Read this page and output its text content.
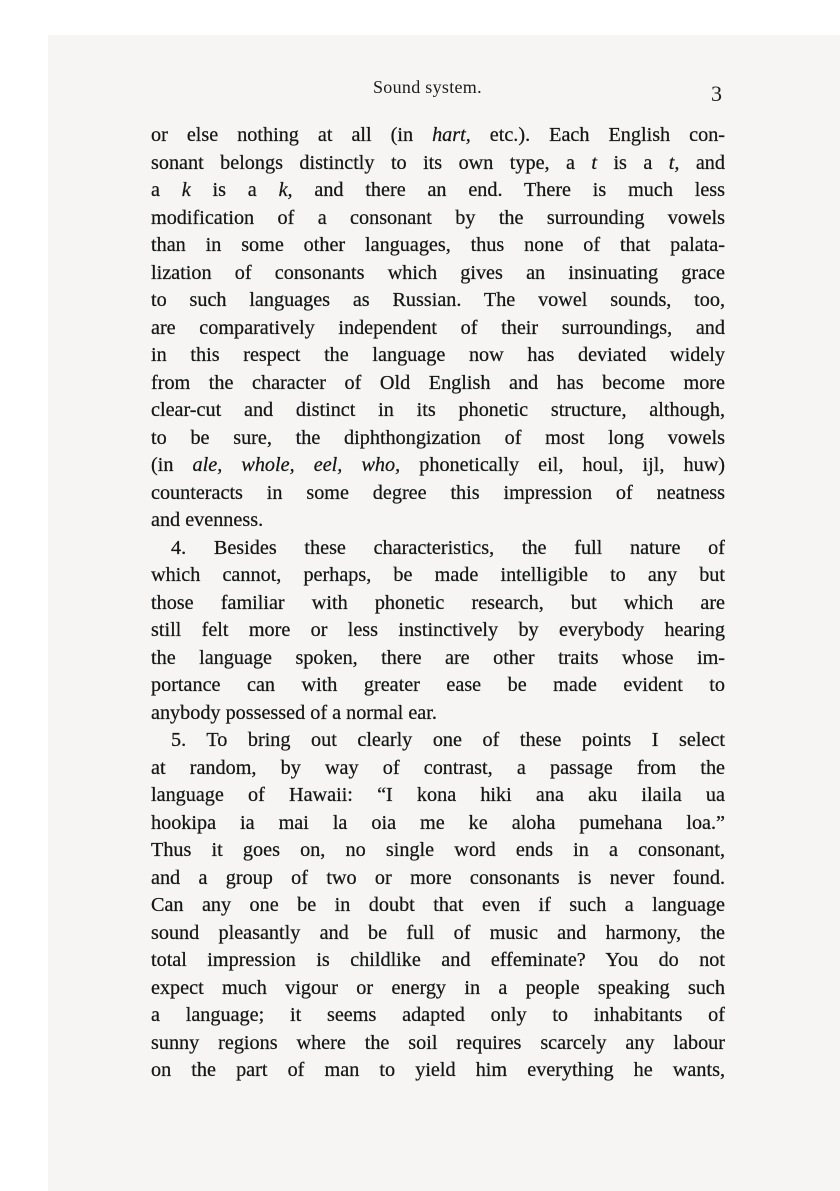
Sound system.	3
or else nothing at all (in hart, etc.). Each English con-
sonant belongs distinctly to its own type, a t is a t, and
a k is a k, and there an end. There is much less
modification of a consonant by the surrounding vowels
than in some other languages, thus none of that palata-
lization of consonants which gives an insinuating grace
to such languages as Russian. The vowel sounds, too,
are comparatively independent of their surroundings, and
in this respect the language now has deviated widely
from the character of Old English and has become more
clear-cut and distinct in its phonetic structure, although,
to be sure, the diphthongization of most long vowels
(in ale, whole, eel, who, phonetically eil, houl, ijl, huw)
counteracts in some degree this impression of neatness
and evenness.
4. Besides these characteristics, the full nature of
which cannot, perhaps, be made intelligible to any but
those familiar with phonetic research, but which are
still felt more or less instinctively by everybody hearing
the language spoken, there are other traits whose im-
portance can with greater ease be made evident to
anybody possessed of a normal ear.
5. To bring out clearly one of these points I select
at random, by way of contrast, a passage from the
language of Hawaii: “I kona hiki ana aku ilaila ua
hookipa ia mai la oia me ke aloha pumehana loa.”
Thus it goes on, no single word ends in a consonant,
and a group of two or more consonants is never found.
Can any one be in doubt that even if such a language
sound pleasantly and be full of music and harmony, the
total impression is childlike and effeminate? You do not
expect much vigour or energy in a people speaking such
a language; it seems adapted only to inhabitants of
sunny regions where the soil requires scarcely any labour
on the part of man to yield him everything he wants,
